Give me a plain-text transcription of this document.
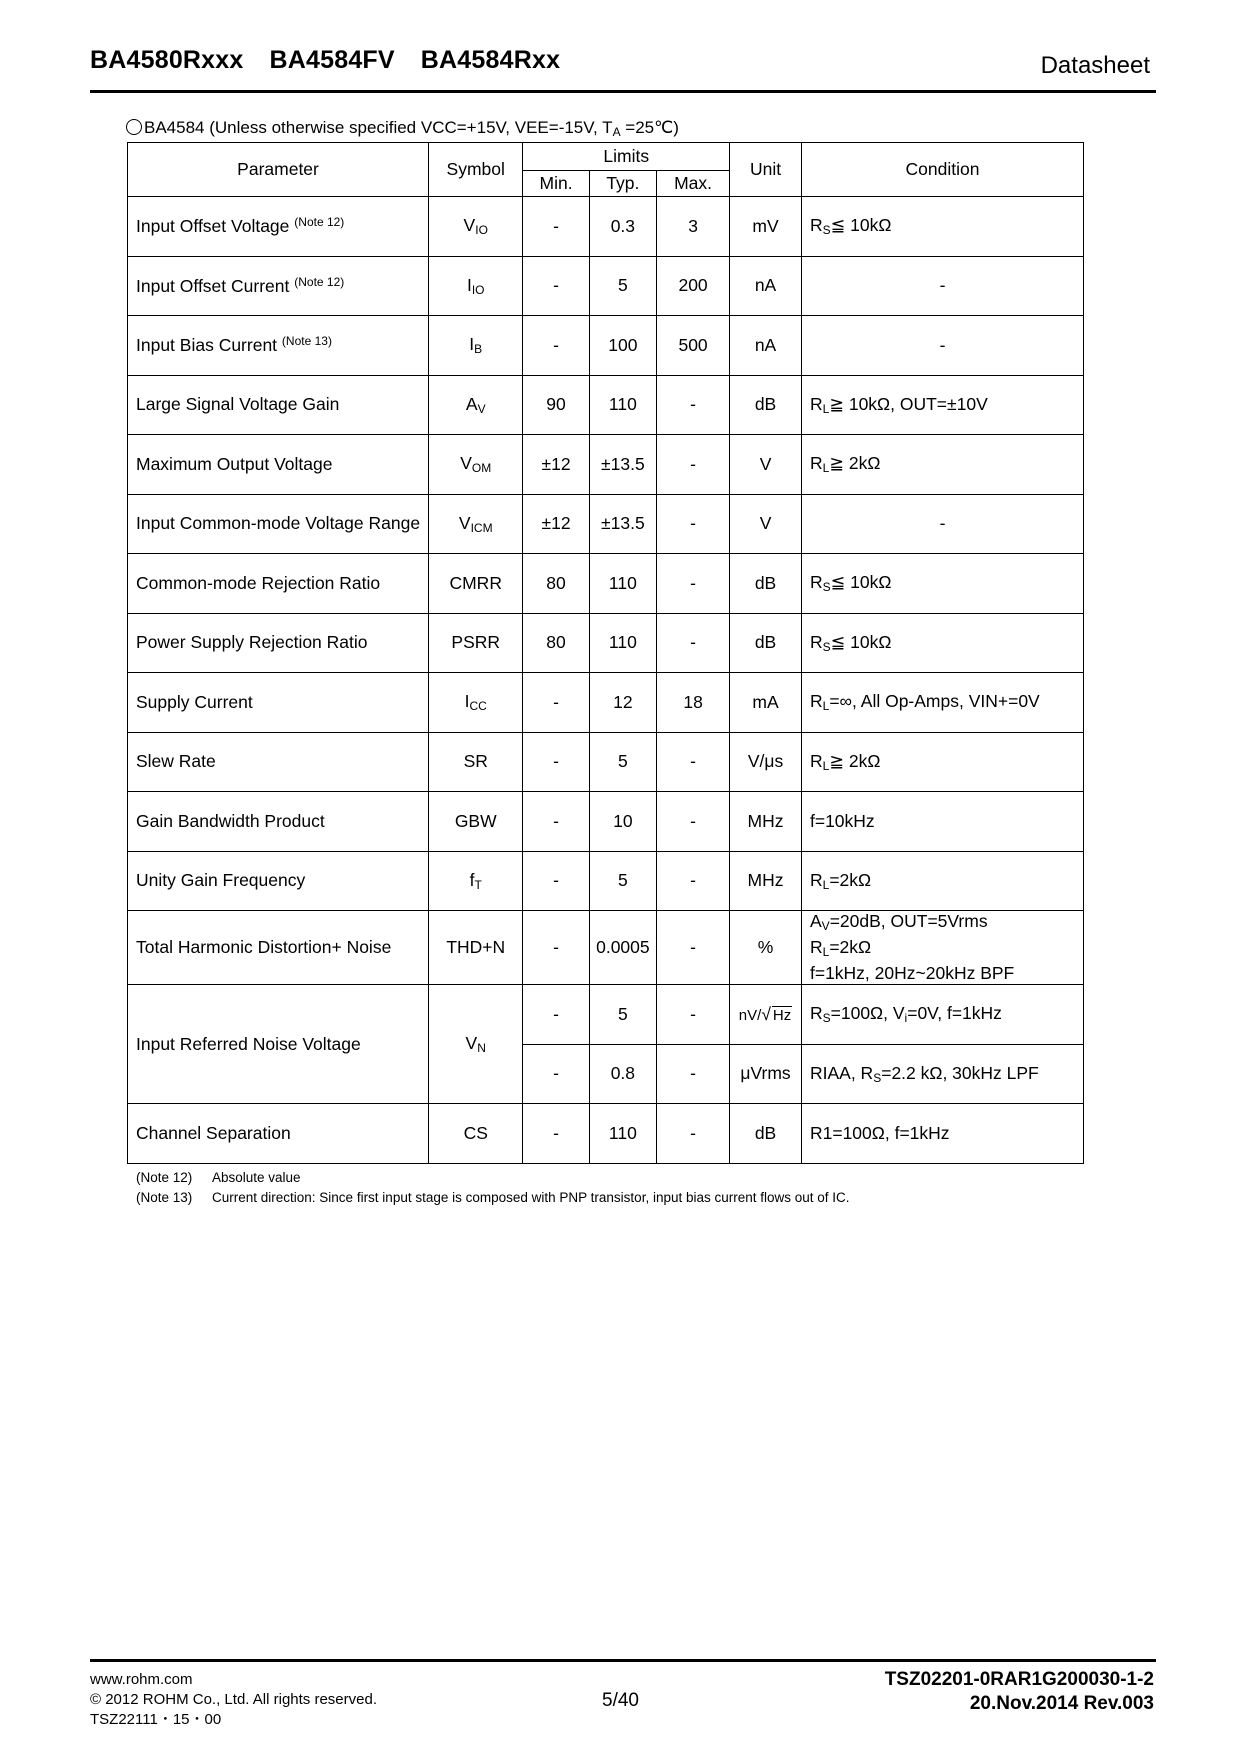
BA4580Rxxx BA4584FV BA4584Rxx	Datasheet
BA4584 (Unless otherwise specified VCC=+15V, VEE=-15V, $T_A$ =25℃)
Parameter	Symbol	Limits			Unit	Condition
		Min.	Typ.	Max.		
Input Offset Voltage $^{(Note 12)}$	$V_{IO}$	-	0.3	3	mV	$R_S≦$ 10kΩ
Input Offset Current $^{(Note 12)}$	$I_{IO}$	-	5	200	nA	-
Input Bias Current $^{(Note 13)}$	$I_B$	-	100	500	nA	-
Large Signal Voltage Gain	$A_V$	90	110	-	dB	$R_L≧$ 10kΩ, OUT=±10V
Maximum Output Voltage	$V_{OM}$	±12	±13.5	-	V	$R_L≧$ 2kΩ
Input Common-mode Voltage Range	$V_{ICM}$	±12	±13.5	-	V	-
Common-mode Rejection Ratio	CMRR	80	110	-	dB	$R_S≦$ 10kΩ
Power Supply Rejection Ratio	PSRR	80	110	-	dB	$R_S≦$ 10kΩ
Supply Current	$I_{CC}$	-	12	18	mA	$R_L=\infty$, All Op-Amps, VIN+=0V
Slew Rate	SR	-	5	-	V/μs	$R_L≧$ 2kΩ
Gain Bandwidth Product	GBW	-	10	-	MHz	f=10kHz
Unity Gain Frequency	$f_T$	-	5	-	MHz	$R_L=2k\Omega$
Total Harmonic Distortion+ Noise	THD+N	-	0.0005	-	%	$A_V=20dB$, OUT=5Vrms
$R_L=2k\Omega$
f=1kHz, 20Hz~20kHz BPF

Input Referred Noise Voltage	$V_N$	-	5	-	nV/√ Hz	$R_S=100\Omega$, $V_i=0V$, f=1kHz
		-	0.8	-	μVrms	RIAA, $R_S=2.2$ kΩ, 30kHz LPF
Channel Separation	CS	-	110	-	dB	R1=100Ω, f=1kHz
(Note 12) Absolute value
(Note 13) Current direction: Since first input stage is composed with PNP transistor, input bias current flows out of IC.
www.rohm.com
© 2012 ROHM Co., Ltd. All rights reserved.
TSZ22111・15・00
5/40
TSZ02201-0RAR1G200030-1-2
20.Nov.2014 Rev.003
